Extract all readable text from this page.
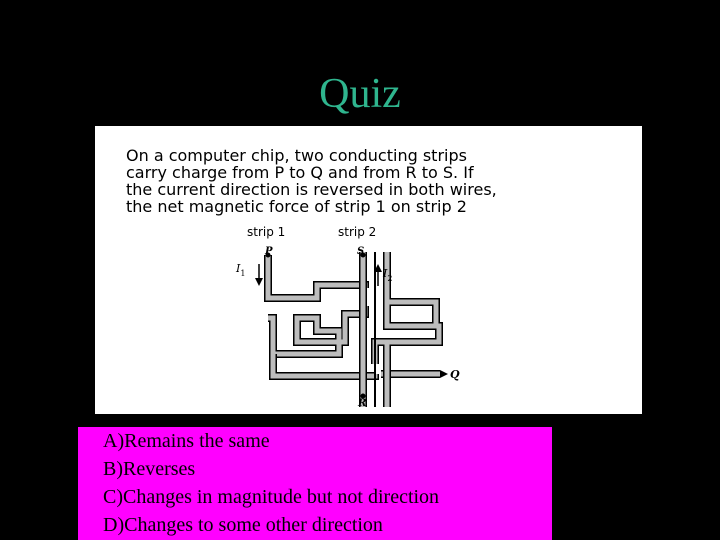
Quiz
On a computer chip, two conducting strips
carry charge from P to Q and from R to S. If
the current direction is reversed in both wires,
the net magnetic force of strip 1 on strip 2
strip 1	strip 2
P	S
Q
R
$I_1$	$I_2$
A)Remains the same
B)Reverses
C)Changes in magnitude but not direction
D)Changes to some other direction
